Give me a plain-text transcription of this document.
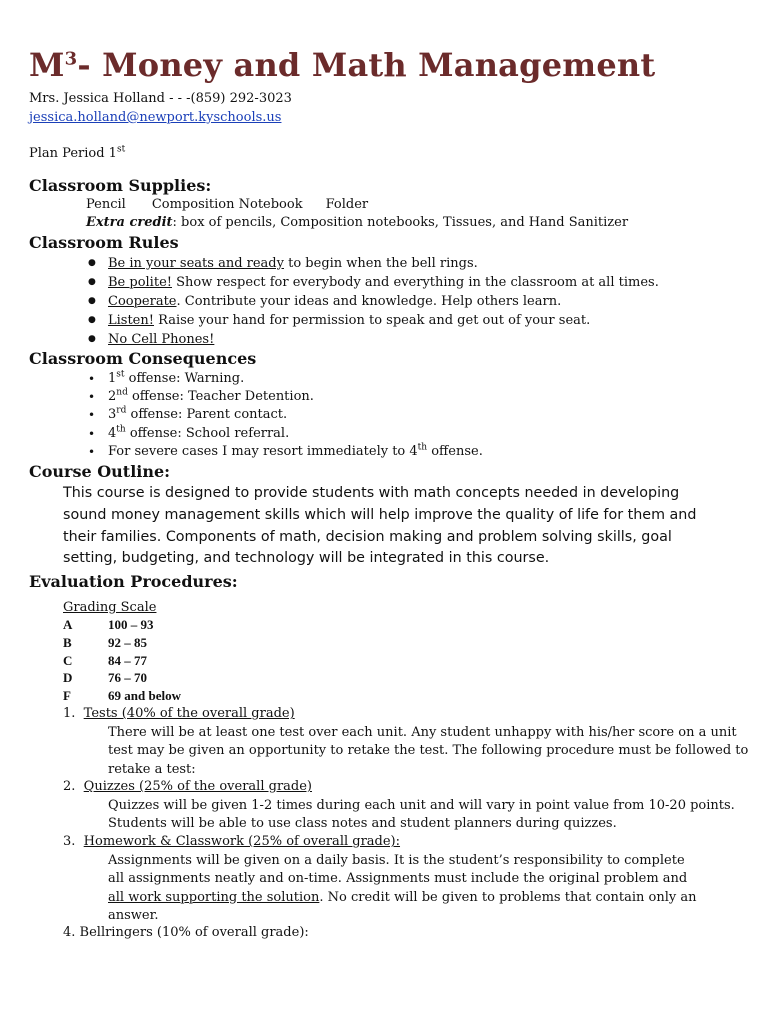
$M^3-$ Money and Math Management
Mrs. Jessica Holland - - -(859) 292-3023
jessica.holland@newport.kyschools.us
Plan Period 1st
Classroom Supplies:
Pencil Composition Notebook Folder
Extra credit: box of pencils, Composition notebooks, Tissues, and Hand Sanitizer
Classroom Rules
● Be in your seats and ready to begin when the bell rings.
● Be polite! Show respect for everybody and everything in the classroom at all times.
● Cooperate. Contribute your ideas and knowledge. Help others learn.
● Listen! Raise your hand for permission to speak and get out of your seat.
● No Cell Phones!
Classroom Consequences
• 1st offense: Warning.
• 2nd offense: Teacher Detention.
• 3rd offense: Parent contact.
• 4th offense: School referral.
• For severe cases I may resort immediately to 4th offense.
Course Outline:
This course is designed to provide students with math concepts needed in developing sound money management skills which will help improve the quality of life for them and their families. Components of math, decision making and problem solving skills, goal setting, budgeting, and technology will be integrated in this course.
Evaluation Procedures:
Grading Scale
A	100 – 93
B	92 – 85
C	84 – 77
D	76 – 70
F	69 and below
1.  Tests (40% of the overall grade)
There will be at least one test over each unit. Any student unhappy with his/her score on a unit test may be given an opportunity to retake the test. The following procedure must be followed to retake a test:
2.  Quizzes (25% of the overall grade)
Quizzes will be given 1-2 times during each unit and will vary in point value from 10-20 points. Students will be able to use class notes and student planners during quizzes.
3.  Homework & Classwork (25% of overall grade):
Assignments will be given on a daily basis. It is the student’s responsibility to complete all assignments neatly and on-time. Assignments must include the original problem and all work supporting the solution. No credit will be given to problems that contain only an answer.
4. Bellringers (10% of overall grade):
